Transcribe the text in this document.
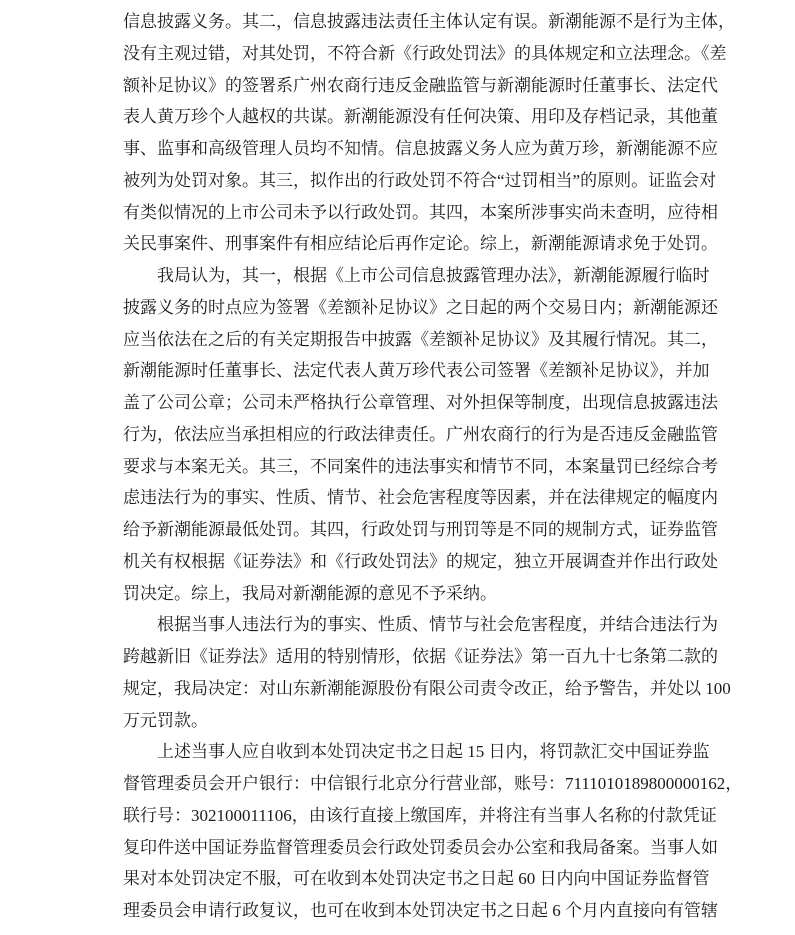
信息披露义务。其二，信息披露违法责任主体认定有误。新潮能源不是行为主体，
没有主观过错，对其处罚，不符合新《行政处罚法》的具体规定和立法理念。《差
额补足协议》的签署系广州农商行违反金融监管与新潮能源时任董事长、法定代
表人黄万珍个人越权的共谋。新潮能源没有任何决策、用印及存档记录，其他董
事、监事和高级管理人员均不知情。信息披露义务人应为黄万珍，新潮能源不应
被列为处罚对象。其三，拟作出的行政处罚不符合“过罚相当”的原则。证监会对
有类似情况的上市公司未予以行政处罚。其四，本案所涉事实尚未查明，应待相
关民事案件、刑事案件有相应结论后再作定论。综上，新潮能源请求免于处罚。
我局认为，其一，根据《上市公司信息披露管理办法》，新潮能源履行临时
披露义务的时点应为签署《差额补足协议》之日起的两个交易日内；新潮能源还
应当依法在之后的有关定期报告中披露《差额补足协议》及其履行情况。其二，
新潮能源时任董事长、法定代表人黄万珍代表公司签署《差额补足协议》，并加
盖了公司公章；公司未严格执行公章管理、对外担保等制度，出现信息披露违法
行为，依法应当承担相应的行政法律责任。广州农商行的行为是否违反金融监管
要求与本案无关。其三，不同案件的违法事实和情节不同，本案量罚已经综合考
虑违法行为的事实、性质、情节、社会危害程度等因素，并在法律规定的幅度内
给予新潮能源最低处罚。其四，行政处罚与刑罚等是不同的规制方式，证券监管
机关有权根据《证券法》和《行政处罚法》的规定，独立开展调查并作出行政处
罚决定。综上，我局对新潮能源的意见不予采纳。
根据当事人违法行为的事实、性质、情节与社会危害程度，并结合违法行为
跨越新旧《证券法》适用的特别情形，依据《证券法》第一百九十七条第二款的
规定，我局决定：对山东新潮能源股份有限公司责令改正，给予警告，并处以 100
万元罚款。
上述当事人应自收到本处罚决定书之日起 15 日内，将罚款汇交中国证券监
督管理委员会开户银行：中信银行北京分行营业部，账号：7111010189800000162，
联行号：302100011106，由该行直接上缴国库，并将注有当事人名称的付款凭证
复印件送中国证券监督管理委员会行政处罚委员会办公室和我局备案。当事人如
果对本处罚决定不服，可在收到本处罚决定书之日起 60 日内向中国证券监督管
理委员会申请行政复议，也可在收到本处罚决定书之日起 6 个月内直接向有管辖
